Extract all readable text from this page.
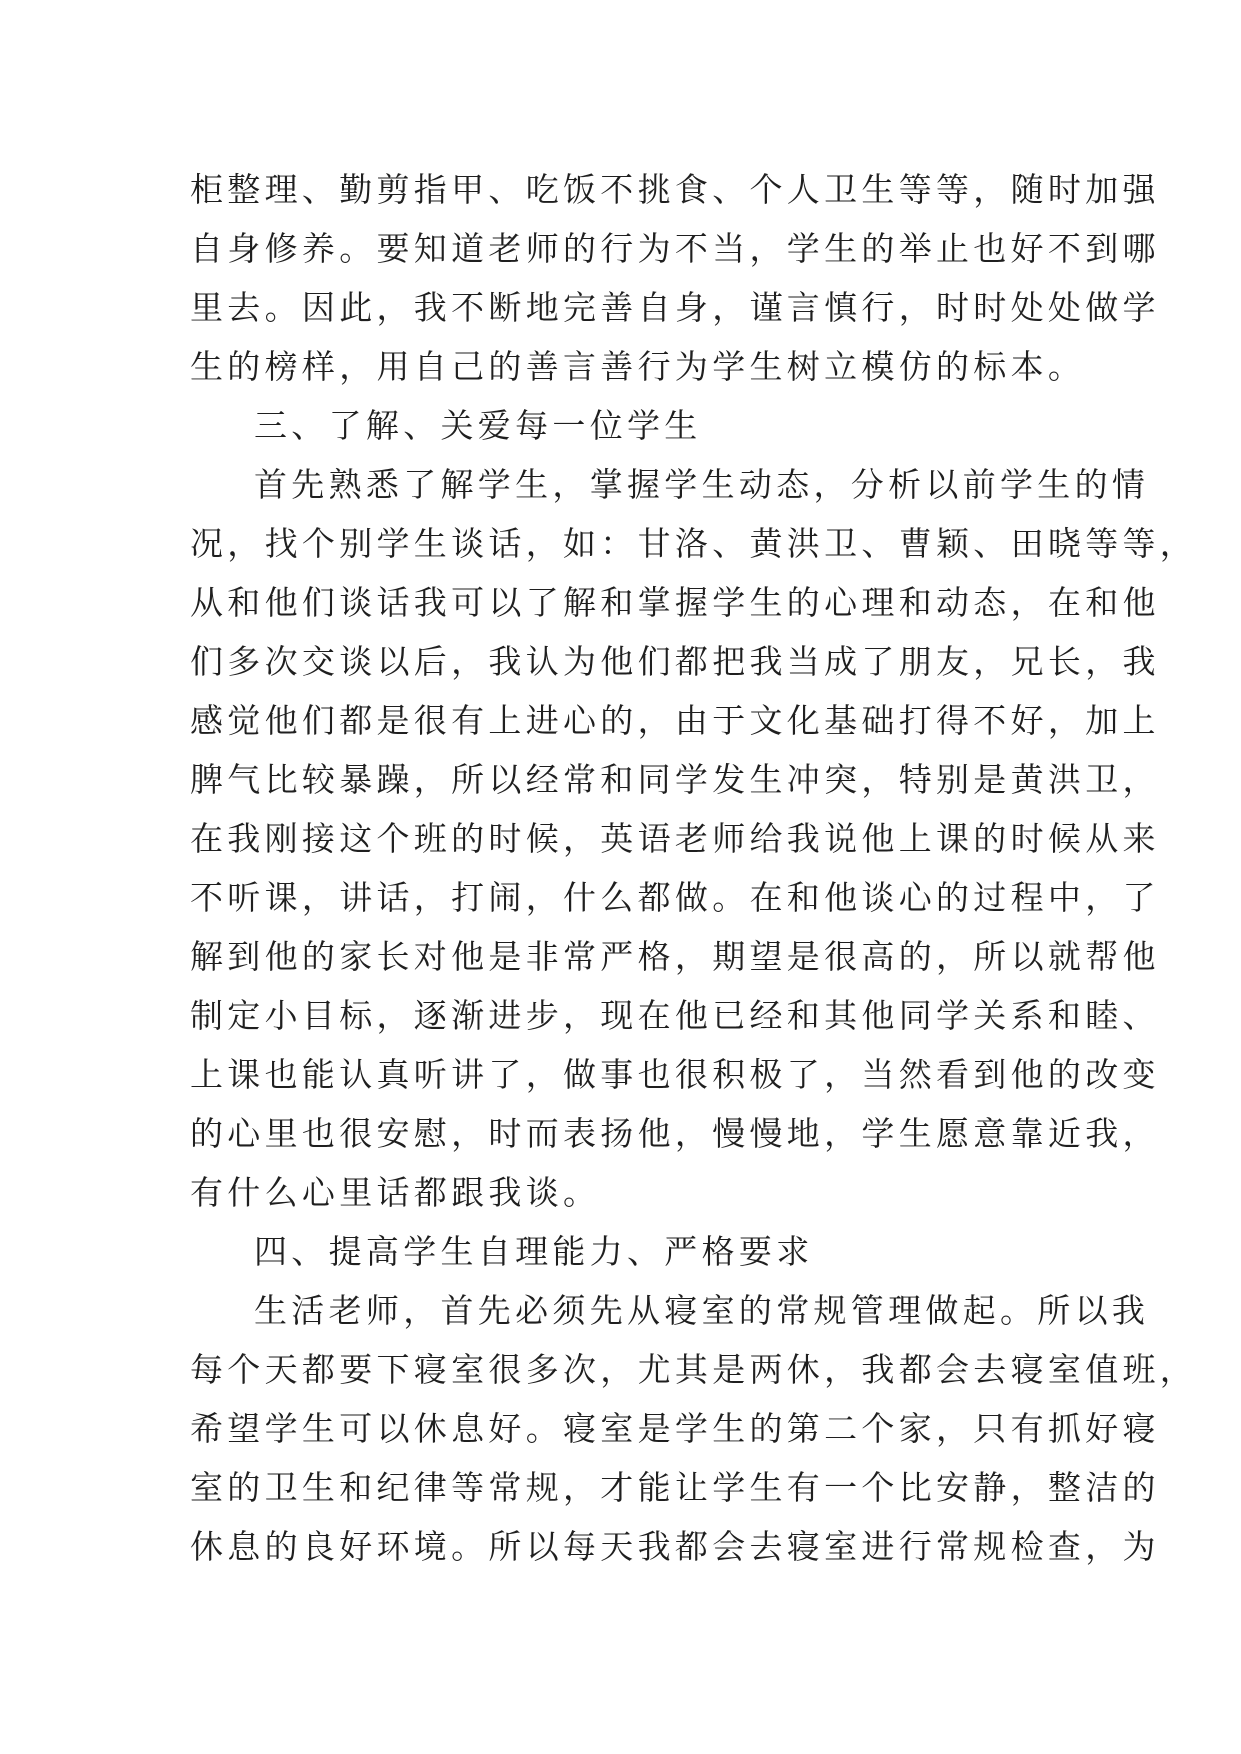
柜整理、勤剪指甲、吃饭不挑食、个人卫生等等，随时加强
自身修养。要知道老师的行为不当，学生的举止也好不到哪
里去。因此，我不断地完善自身，谨言慎行，时时处处做学
生的榜样，用自己的善言善行为学生树立模仿的标本。
三、了解、关爱每一位学生
首先熟悉了解学生，掌握学生动态，分析以前学生的情
况，找个别学生谈话，如：甘洛、黄洪卫、曹颖、田晓等等，
从和他们谈话我可以了解和掌握学生的心理和动态，在和他
们多次交谈以后，我认为他们都把我当成了朋友，兄长，我
感觉他们都是很有上进心的，由于文化基础打得不好，加上
脾气比较暴躁，所以经常和同学发生冲突，特别是黄洪卫，
在我刚接这个班的时候，英语老师给我说他上课的时候从来
不听课，讲话，打闹，什么都做。在和他谈心的过程中，了
解到他的家长对他是非常严格，期望是很高的，所以就帮他
制定小目标，逐渐进步，现在他已经和其他同学关系和睦、
上课也能认真听讲了，做事也很积极了，当然看到他的改变
的心里也很安慰，时而表扬他，慢慢地，学生愿意靠近我，
有什么心里话都跟我谈。
四、提高学生自理能力、严格要求
生活老师，首先必须先从寝室的常规管理做起。所以我
每个天都要下寝室很多次，尤其是两休，我都会去寝室值班，
希望学生可以休息好。寝室是学生的第二个家，只有抓好寝
室的卫生和纪律等常规，才能让学生有一个比安静，整洁的
休息的良好环境。所以每天我都会去寝室进行常规检查，为
